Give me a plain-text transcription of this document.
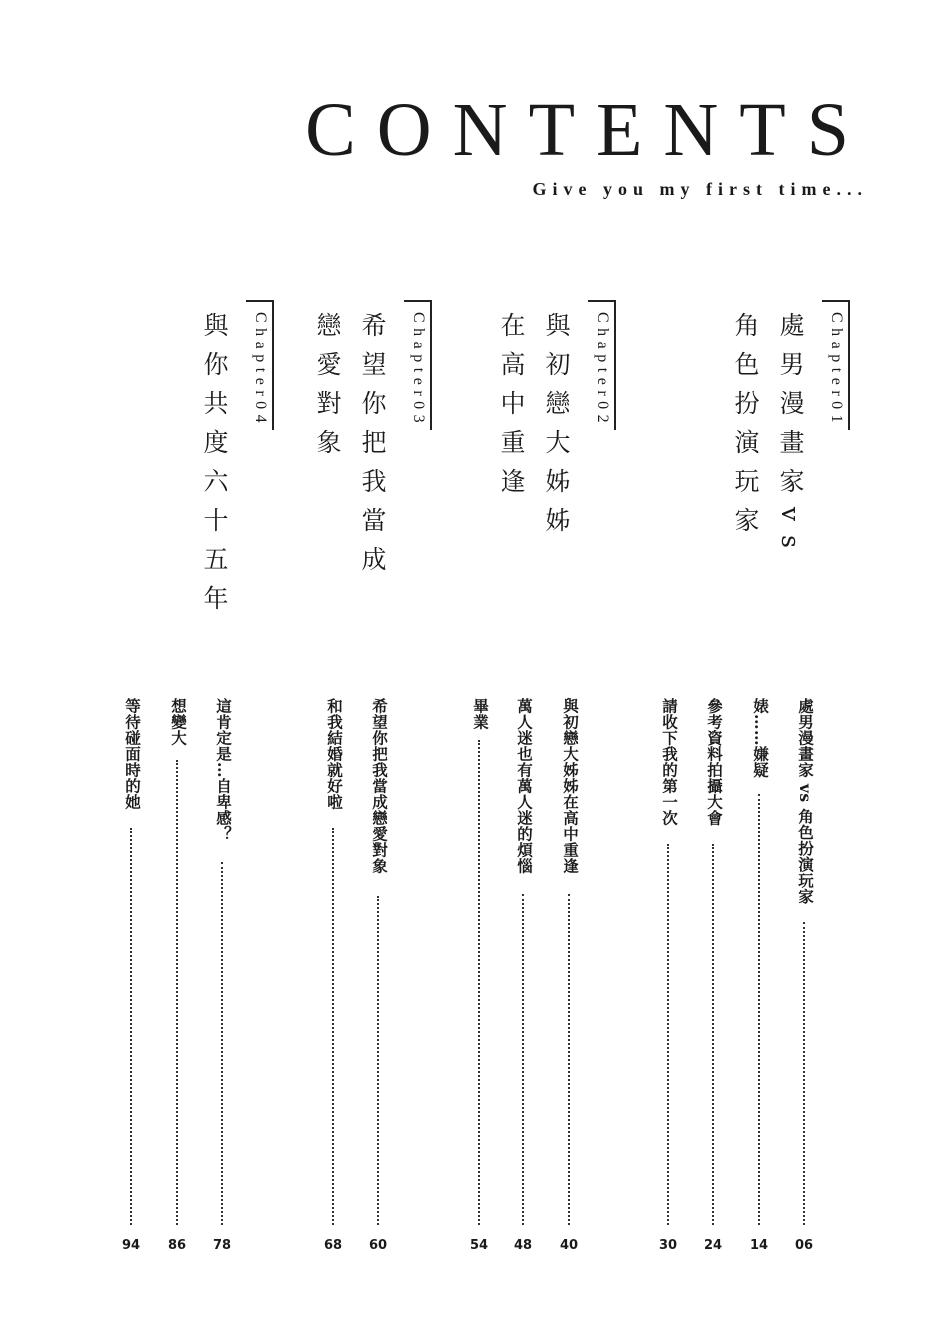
CONTENTS
Give you my first time...
Chapter01
處男漫畫家vs
角色扮演玩家
Chapter02
與初戀大姊姊
在高中重逢
Chapter03
希望你把我當成
戀愛對象
Chapter04
與你共度六十五年
處男漫畫家 vs 角色扮演玩家
06
婊……嫌疑
14
參考資料拍攝大會
24
請收下我的第一次
30
與初戀大姊姊在高中重逢
40
萬人迷也有萬人迷的煩惱
48
畢業
54
希望你把我當成戀愛對象
60
和我結婚就好啦
68
這肯定是…自卑感？
78
想變大
86
等待碰面時的她
94
